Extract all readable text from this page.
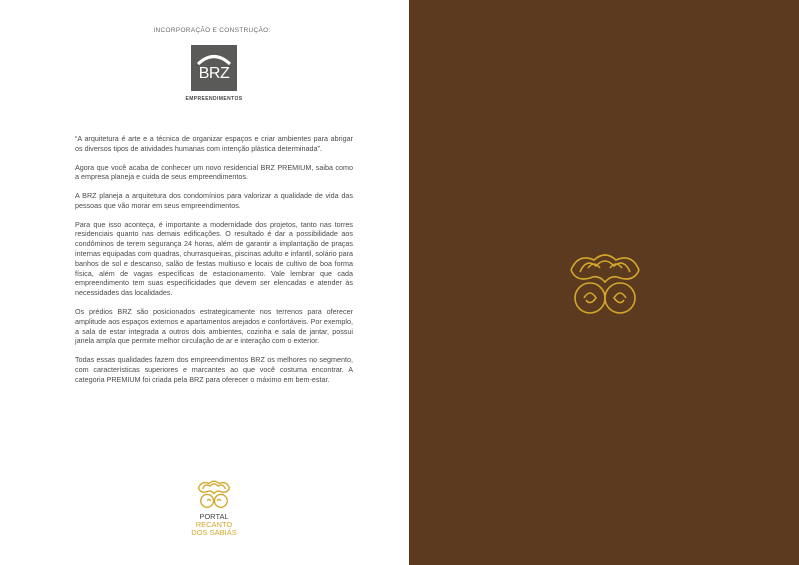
INCORPORAÇÃO E CONSTRUÇÃO:
BRZ
EMPREENDIMENTOS

“A arquitetura é arte e a técnica de organizar espaços e criar ambientes para abrigar os diversos tipos de atividades humanas com intenção plástica determinada”.

Agora que você acaba de conhecer um novo residencial BRZ PREMIUM, saiba como a empresa planeja e cuida de seus empreendimentos.

A BRZ planeja a arquitetura dos condomínios para valorizar a qualidade de vida das pessoas que vão morar em seus empreendimentos.

Para que isso aconteça, é importante a modernidade dos projetos, tanto nas torres residenciais quanto nas demais edificações. O resultado é dar a possibilidade aos condôminos de terem segurança 24 horas, além de garantir a implantação de praças internas equipadas com quadras, churrasqueiras, piscinas adulto e infantil, solário para banhos de sol e descanso, salão de festas multiuso e locais de cultivo de boa forma física, além de vagas específicas de estacionamento. Vale lembrar que cada empreendimento tem suas especificidades que devem ser elencadas e atender às necessidades das localidades.

Os prédios BRZ são posicionados estrategicamente nos terrenos para oferecer amplitude aos espaços externos e apartamentos arejados e confortáveis. Por exemplo, a sala de estar integrada a outros dois ambientes, cozinha e sala de jantar, possui janela ampla que permite melhor circulação de ar e interação com o exterior.

Todas essas qualidades fazem dos empreendimentos BRZ os melhores no segmento, com características superiores e marcantes ao que você costuma encontrar. A categoria PREMIUM foi criada pela BRZ para oferecer o máximo em bem-estar.

PORTAL
RECANTO
DOS SABIÁS
